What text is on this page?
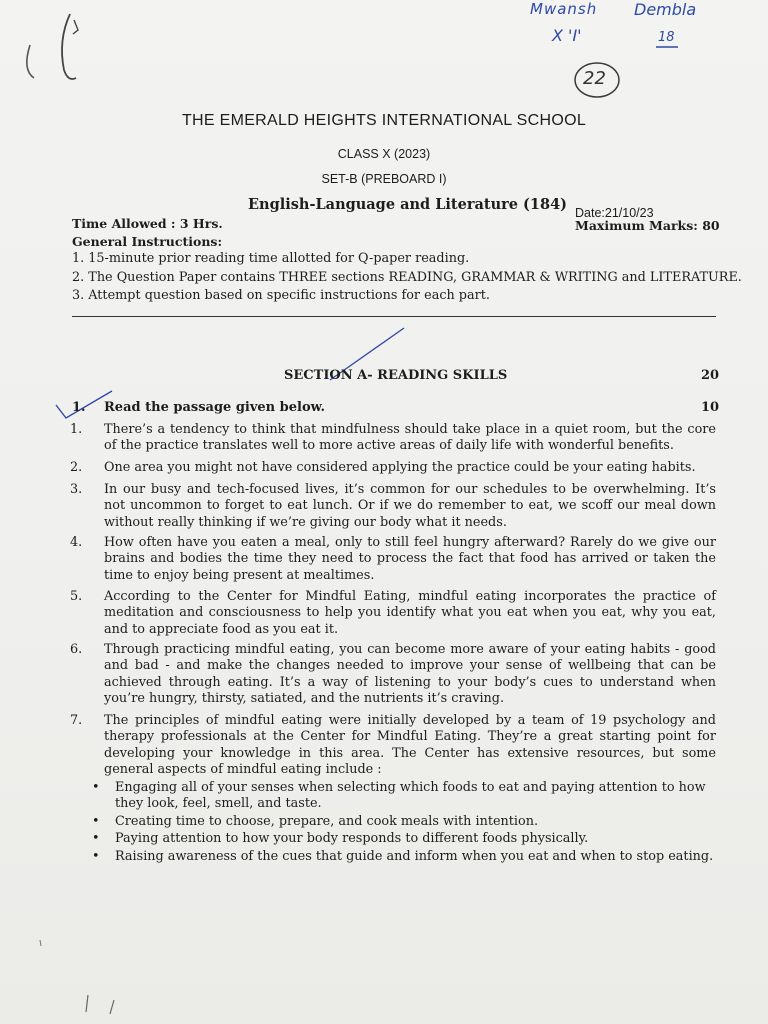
Mwansh Dembla
X 'I'	18
22
THE EMERALD HEIGHTS INTERNATIONAL SCHOOL
CLASS X (2023)
SET-B (PREBOARD I)
English-Language and Literature (184) Date:21/10/23
Maximum Marks: 80
Time Allowed : 3 Hrs.
General Instructions:
1. 15-minute prior reading time allotted for Q-paper reading.
2. The Question Paper contains THREE sections READING, GRAMMAR & WRITING and LITERATURE.
3. Attempt question based on specific instructions for each part.
SECTION A- READING SKILLS	20
1. Read the passage given below.	10
1.	There’s a tendency to think that mindfulness should take place in a quiet room, but the core of the practice translates well to more active areas of daily life with wonderful benefits.
2.	One area you might not have considered applying the practice could be your eating habits.
3.	In our busy and tech-focused lives, it’s common for our schedules to be overwhelming. It’s not uncommon to forget to eat lunch. Or if we do remember to eat, we scoff our meal down without really thinking if we’re giving our body what it needs.
4.	How often have you eaten a meal, only to still feel hungry afterward? Rarely do we give our brains and bodies the time they need to process the fact that food has arrived or taken the time to enjoy being present at mealtimes.
5.	According to the Center for Mindful Eating, mindful eating incorporates the practice of meditation and consciousness to help you identify what you eat when you eat, why you eat, and to appreciate food as you eat it.
6.	Through practicing mindful eating, you can become more aware of your eating habits - good and bad - and make the changes needed to improve your sense of wellbeing that can be achieved through eating. It’s a way of listening to your body’s cues to understand when you’re hungry, thirsty, satiated, and the nutrients it’s craving.
7.	The principles of mindful eating were initially developed by a team of 19 psychology and therapy professionals at the Center for Mindful Eating. They’re a great starting point for developing your knowledge in this area. The Center has extensive resources, but some general aspects of mindful eating include :
• Engaging all of your senses when selecting which foods to eat and paying attention to how they look, feel, smell, and taste.
• Creating time to choose, prepare, and cook meals with intention.
• Paying attention to how your body responds to different foods physically.
• Raising awareness of the cues that guide and inform when you eat and when to stop eating.
